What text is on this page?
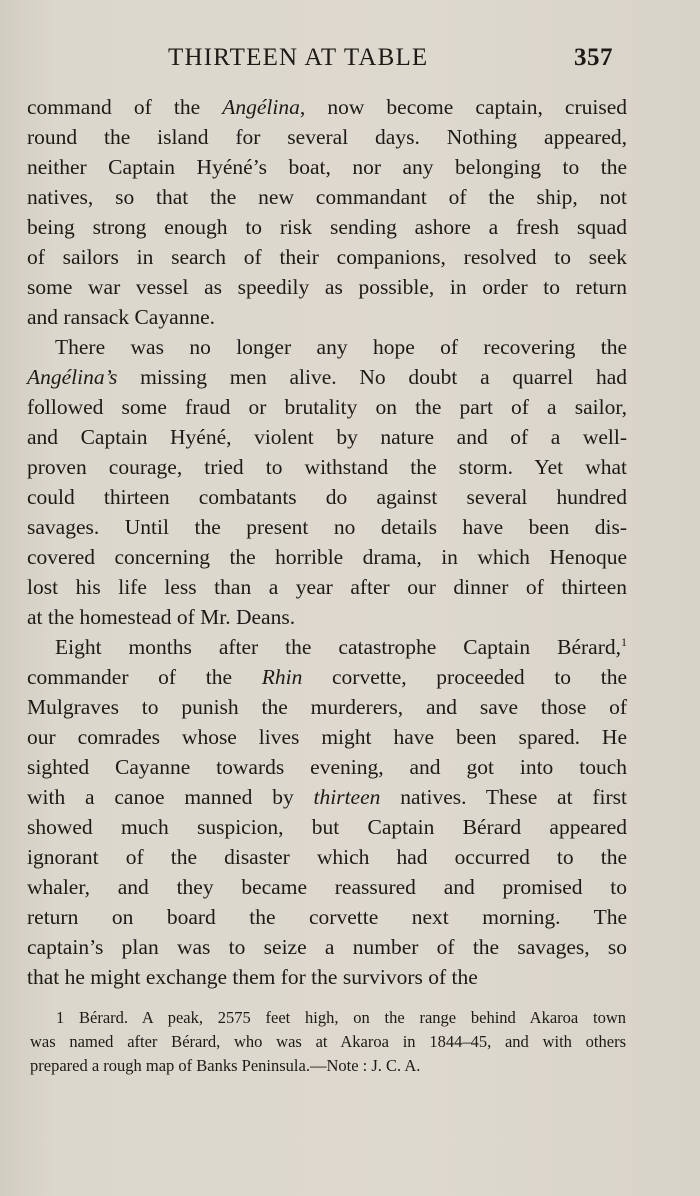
THIRTEEN AT TABLE	357
command of the Angélina, now become captain, cruised
round the island for several days. Nothing appeared,
neither Captain Hyéné’s boat, nor any belonging to the
natives, so that the new commandant of the ship, not
being strong enough to risk sending ashore a fresh squad
of sailors in search of their companions, resolved to seek
some war vessel as speedily as possible, in order to return
and ransack Cayanne.
There was no longer any hope of recovering the
Angélina’s missing men alive. No doubt a quarrel had
followed some fraud or brutality on the part of a sailor,
and Captain Hyéné, violent by nature and of a well-
proven courage, tried to withstand the storm. Yet what
could thirteen combatants do against several hundred
savages. Until the present no details have been dis-
covered concerning the horrible drama, in which Henoque
lost his life less than a year after our dinner of thirteen
at the homestead of Mr. Deans.
Eight months after the catastrophe Captain Bérard,$^1$
commander of the Rhin corvette, proceeded to the
Mulgraves to punish the murderers, and save those of
our comrades whose lives might have been spared. He
sighted Cayanne towards evening, and got into touch
with a canoe manned by thirteen natives. These at first
showed much suspicion, but Captain Bérard appeared
ignorant of the disaster which had occurred to the
whaler, and they became reassured and promised to
return on board the corvette next morning. The
captain’s plan was to seize a number of the savages, so
that he might exchange them for the survivors of the
1 Bérard. A peak, 2575 feet high, on the range behind Akaroa town
was named after Bérard, who was at Akaroa in 1844–45, and with others
prepared a rough map of Banks Peninsula.—Note : J. C. A.
